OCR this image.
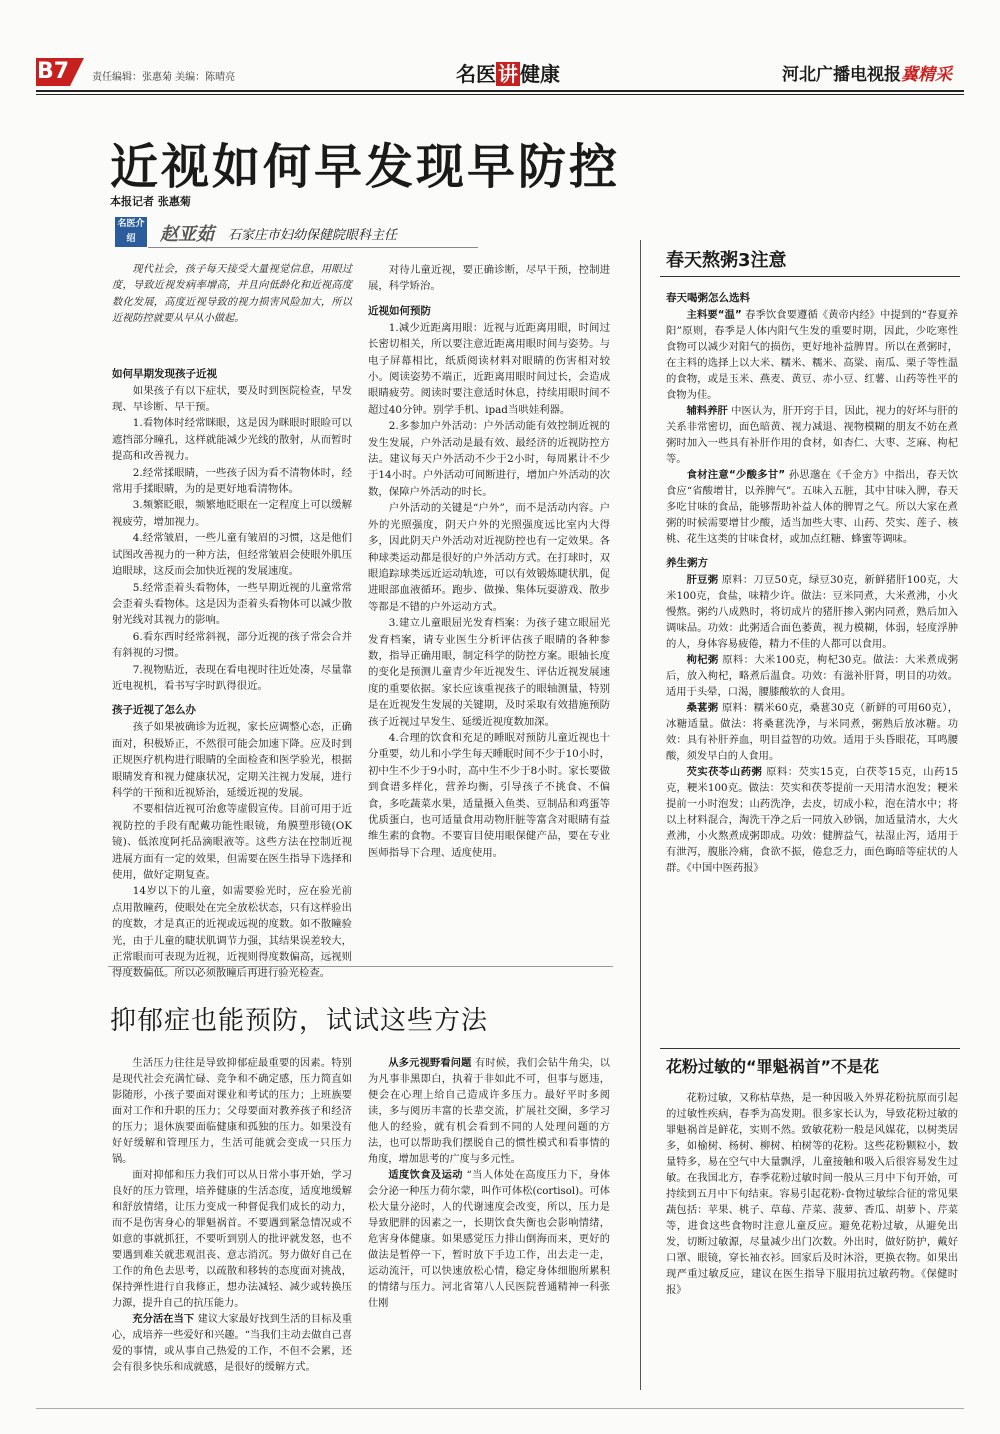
B7 责任编辑：张惠菊 美编：陈晴亮	名医 讲 健康	河北广播电视报冀精采
近视如何早发现早防控
本报记者 张惠菊
名医介绍	赵亚茹 石家庄市妇幼保健院眼科主任

现代社会，孩子每天接受大量视觉信息，用眼过度，导致近视发病率增高，并且向低龄化和近视高度数化发展，高度近视导致的视力损害风险加大，所以近视防控就要从早从小做起。

如何早期发现孩子近视

如果孩子有以下症状，要及时到医院检查，早发现、早诊断、早干预。

1.看物体时经常眯眼，这是因为眯眼时眼睑可以遮挡部分瞳孔，这样就能减少光线的散射，从而暂时提高和改善视力。

2.经常揉眼睛，一些孩子因为看不清物体时，经常用手揉眼睛，为的是更好地看清物体。

3.频繁眨眼，频繁地眨眼在一定程度上可以缓解视疲劳，增加视力。

4.经常皱眉，一些儿童有皱眉的习惯，这是他们试图改善视力的一种方法，但经常皱眉会使眼外肌压迫眼球，这反而会加快近视的发展速度。

5.经常歪着头看物体，一些早期近视的儿童常常会歪着头看物体。这是因为歪着头看物体可以减少散射光线对其视力的影响。

6.看东西时经常斜视，部分近视的孩子常会合并有斜视的习惯。

7.视物贴近，表现在看电视时往近处凑，尽量靠近电视机，看书写字时趴得很近。

孩子近视了怎么办

孩子如果被确诊为近视，家长应调整心态，正确面对，积极矫正，不然很可能会加速下降。应及时到正规医疗机构进行眼睛的全面检查和医学验光，根据眼睛发育和视力健康状况，定期关注视力发展，进行科学的干预和近视矫治，延缓近视的发展。

不要相信近视可治愈等虚假宣传。目前可用于近视防控的手段有配戴功能性眼镜，角膜塑形镜(OK镜)、低浓度阿托品滴眼液等。这些方法在控制近视进展方面有一定的效果，但需要在医生指导下选择和使用，做好定期复查。

14岁以下的儿童，如需要验光时，应在验光前点用散瞳药，使眼处在完全放松状态，只有这样验出的度数，才是真正的近视或远视的度数。如不散瞳验光，由于儿童的睫状肌调节力强，其结果误差较大，正常眼而可表现为近视，近视则得度数偏高，远视则得度数偏低。所以必须散瞳后再进行验光检查。

对待儿童近视，要正确诊断，尽早干预，控制进展，科学矫治。

近视如何预防

1.减少近距离用眼：近视与近距离用眼，时间过长密切相关，所以要注意近距离用眼时间与姿势。与电子屏幕相比，纸质阅读材料对眼睛的伤害相对较小。阅读姿势不端正，近距离用眼时间过长，会造成眼睛疲劳。阅读时要注意适时休息，持续用眼时间不超过40分钟。别学手机、ipad当哄娃利器。

2.多参加户外活动：户外活动能有效控制近视的发生发展，户外活动是最有效、最经济的近视防控方法。建议每天户外活动不少于2小时，每周累计不少于14小时。户外活动可间断进行，增加户外活动的次数，保障户外活动的时长。

户外活动的关键是“户外”，而不是活动内容。户外的光照强度，阴天户外的光照强度远比室内大得多，因此阴天户外活动对近视防控也有一定效果。各种球类运动都是很好的户外活动方式。在打球时，双眼追踪球类远近运动轨迹，可以有效锻炼睫状肌，促进眼部血液循环。跑步、做操、集体玩耍游戏、散步等都是不错的户外运动方式。

3.建立儿童眼屈光发育档案：为孩子建立眼屈光发育档案，请专业医生分析评估孩子眼睛的各种参数，指导正确用眼，制定科学的防控方案。眼轴长度的变化是预测儿童青少年近视发生、评估近视发展速度的重要依据。家长应该重视孩子的眼轴测量，特别是在近视发生发展的关键期，及时采取有效措施预防孩子近视过早发生、延缓近视度数加深。

4.合理的饮食和充足的睡眠对预防儿童近视也十分重要，幼儿和小学生每天睡眠时间不少于10小时，初中生不少于9小时，高中生不少于8小时。家长要做到食谱多样化，营养均衡，引导孩子不挑食、不偏食，多吃蔬菜水果，适量摄入鱼类、豆制品和鸡蛋等优质蛋白，也可适量食用动物肝脏等富含对眼睛有益维生素的食物。不要盲目使用眼保健产品，要在专业医师指导下合理、适度使用。

抑郁症也能预防，试试这些方法

生活压力往往是导致抑郁症最重要的因素。特别是现代社会充满忙碌、竞争和不确定感，压力简直如影随形，小孩子要面对课业和考试的压力；上班族要面对工作和升职的压力；父母要面对教养孩子和经济的压力；退休族要面临健康和孤独的压力。如果没有好好缓解和管理压力，生活可能就会变成一只压力锅。

面对抑郁和压力我们可以从日常小事开始，学习良好的压力管理，培养健康的生活态度，适度地缓解和舒放情绪，让压力变成一种督促我们成长的动力，而不是伤害身心的罪魁祸首。不要遇到紧急情况或不如意的事就抓狂，不要听到别人的批评就发怒，也不要遇到难关就悲观沮丧、意志消沉。努力做好自己在工作的角色去思考，以疏散和移转的态度面对挑战，保持弹性进行自我修正，想办法减轻、减少或转换压力源，提升自己的抗压能力。

充分活在当下 建议大家最好找到生活的目标及重心，成培养一些爱好和兴趣。“当我们主动去做自己喜爱的事情，或从事自己热爱的工作，不但不会累，还会有很多快乐和成就感，是很好的缓解方式。

从多元视野看问题 有时候，我们会钻牛角尖，以为凡事非黑即白，执着于非如此不可，但事与愿违，便会在心理上给自己造成许多压力。最好平时多阅读，多与阅历丰富的长辈交流，扩展社交圈，多学习他人的经验，就有机会看到不同的人处理问题的方法，也可以帮助我们摆脱自己的惯性模式和看事情的角度，增加思考的广度与多元性。

适度饮食及运动 “当人体处在高度压力下，身体会分泌一种压力荷尔蒙，叫作可体松(cortisol)。可体松大量分泌时，人的代谢速度会改变，所以，压力是导致肥胖的因素之一，长期饮食失衡也会影响情绪，危害身体健康。如果感觉压力排山倒海而来，更好的做法是暂停一下，暂时放下手边工作，出去走一走，运动流汗，可以快速放松心情，稳定身体细胞所累积的情绪与压力。河北省第八人民医院普通精神一科张仕刚

春天熬粥3注意
春天喝粥怎么选料

主料要“温” 春季饮食要遵循《黄帝内经》中提到的“春夏养阳”原则，春季是人体内阳气生发的重要时期，因此，少吃寒性食物可以减少对阳气的损伤，更好地补益脾胃。所以在煮粥时，在主料的选择上以大米、糯米、糯米、高粱、南瓜、栗子等性温的食物，或是玉米、燕麦、黄豆、赤小豆、红薯、山药等性平的食物为佳。

辅料养肝 中医认为，肝开窍于目，因此，视力的好坏与肝的关系非常密切，面色暗黄、视力减退、视物模糊的朋友不妨在煮粥时加入一些具有补肝作用的食材，如杏仁、大枣、芝麻、枸杞等。

食材注意“少酸多甘” 孙思邈在《千金方》中指出，春天饮食应“省酸增甘，以养脾气”。五味入五脏，其中甘味入脾，春天多吃甘味的食品，能够帮助补益人体的脾胃之气。所以大家在煮粥的时候需要增甘少酸，适当加些大枣、山药、芡实、莲子、核桃、花生这类的甘味食材，或加点红糖、蜂蜜等调味。

养生粥方

肝豆粥 原料：刀豆50克，绿豆30克，新鲜猪肝100克，大米100克，食盐，味精少许。做法：豆米同煮，大米煮沸，小火慢熬。粥约八成熟时，将切成片的猪肝掺入粥内同煮，熟后加入调味品。功效：此粥适合面色萎黄，视力模糊，体弱，轻度浮肿的人，身体容易疲倦，精力不佳的人都可以食用。

枸杞粥 原料：大米100克，枸杞30克。做法：大米煮成粥后，放入枸杞，略煮后温食。功效：有滋补肝肾，明目的功效。适用于头晕，口渴，腰膝酸软的人食用。

桑葚粥 原料：糯米60克，桑葚30克（新鲜的可用60克），冰糖适量。做法：将桑葚洗净，与米同煮，粥熟后放冰糖。功效：具有补肝养血，明目益智的功效。适用于头昏眼花，耳鸣腰酸，须发早白的人食用。

芡实茯苓山药粥 原料：芡实15克，白茯苓15克，山药15克，粳米100克。做法：芡实和茯苓提前一天用清水泡发；粳米提前一小时泡发；山药洗净，去皮，切成小粒，泡在清水中；将以上材料混合，淘洗干净之后一同放入砂锅，加适量清水，大火煮沸，小火熬煮成粥即成。功效：健脾益气，祛湿止泻，适用于有泄泻，腹胀冷痛，食欲不振，倦怠乏力，面色晦暗等症状的人群。《中国中医药报》

花粉过敏的“罪魁祸首”不是花

花粉过敏，又称枯草热，是一种因吸入外界花粉抗原而引起的过敏性疾病，春季为高发期。很多家长认为，导致花粉过敏的罪魁祸首是鲜花，实则不然。致敏花粉一般是风媒花，以树类居多，如榆树、杨树、柳树、柏树等的花粉。这些花粉颗粒小，数量特多，易在空气中大量飘浮，儿童接触和吸入后很容易发生过敏。在我国北方，春季花粉过敏时间一般从三月中下旬开始，可持续到五月中下旬结束。容易引起花粉-食物过敏综合征的常见果蔬包括：苹果、桃子、草莓、芹菜、菠萝、香瓜、胡萝卜、芹菜等，进食这些食物时注意儿童反应。避免花粉过敏，从避免出发，切断过敏源，尽量减少出门次数。外出时，做好防护，戴好口罩、眼镜，穿长袖衣衫。回家后及时沐浴，更换衣物。如果出现严重过敏反应，建议在医生指导下服用抗过敏药物。《保健时报》
